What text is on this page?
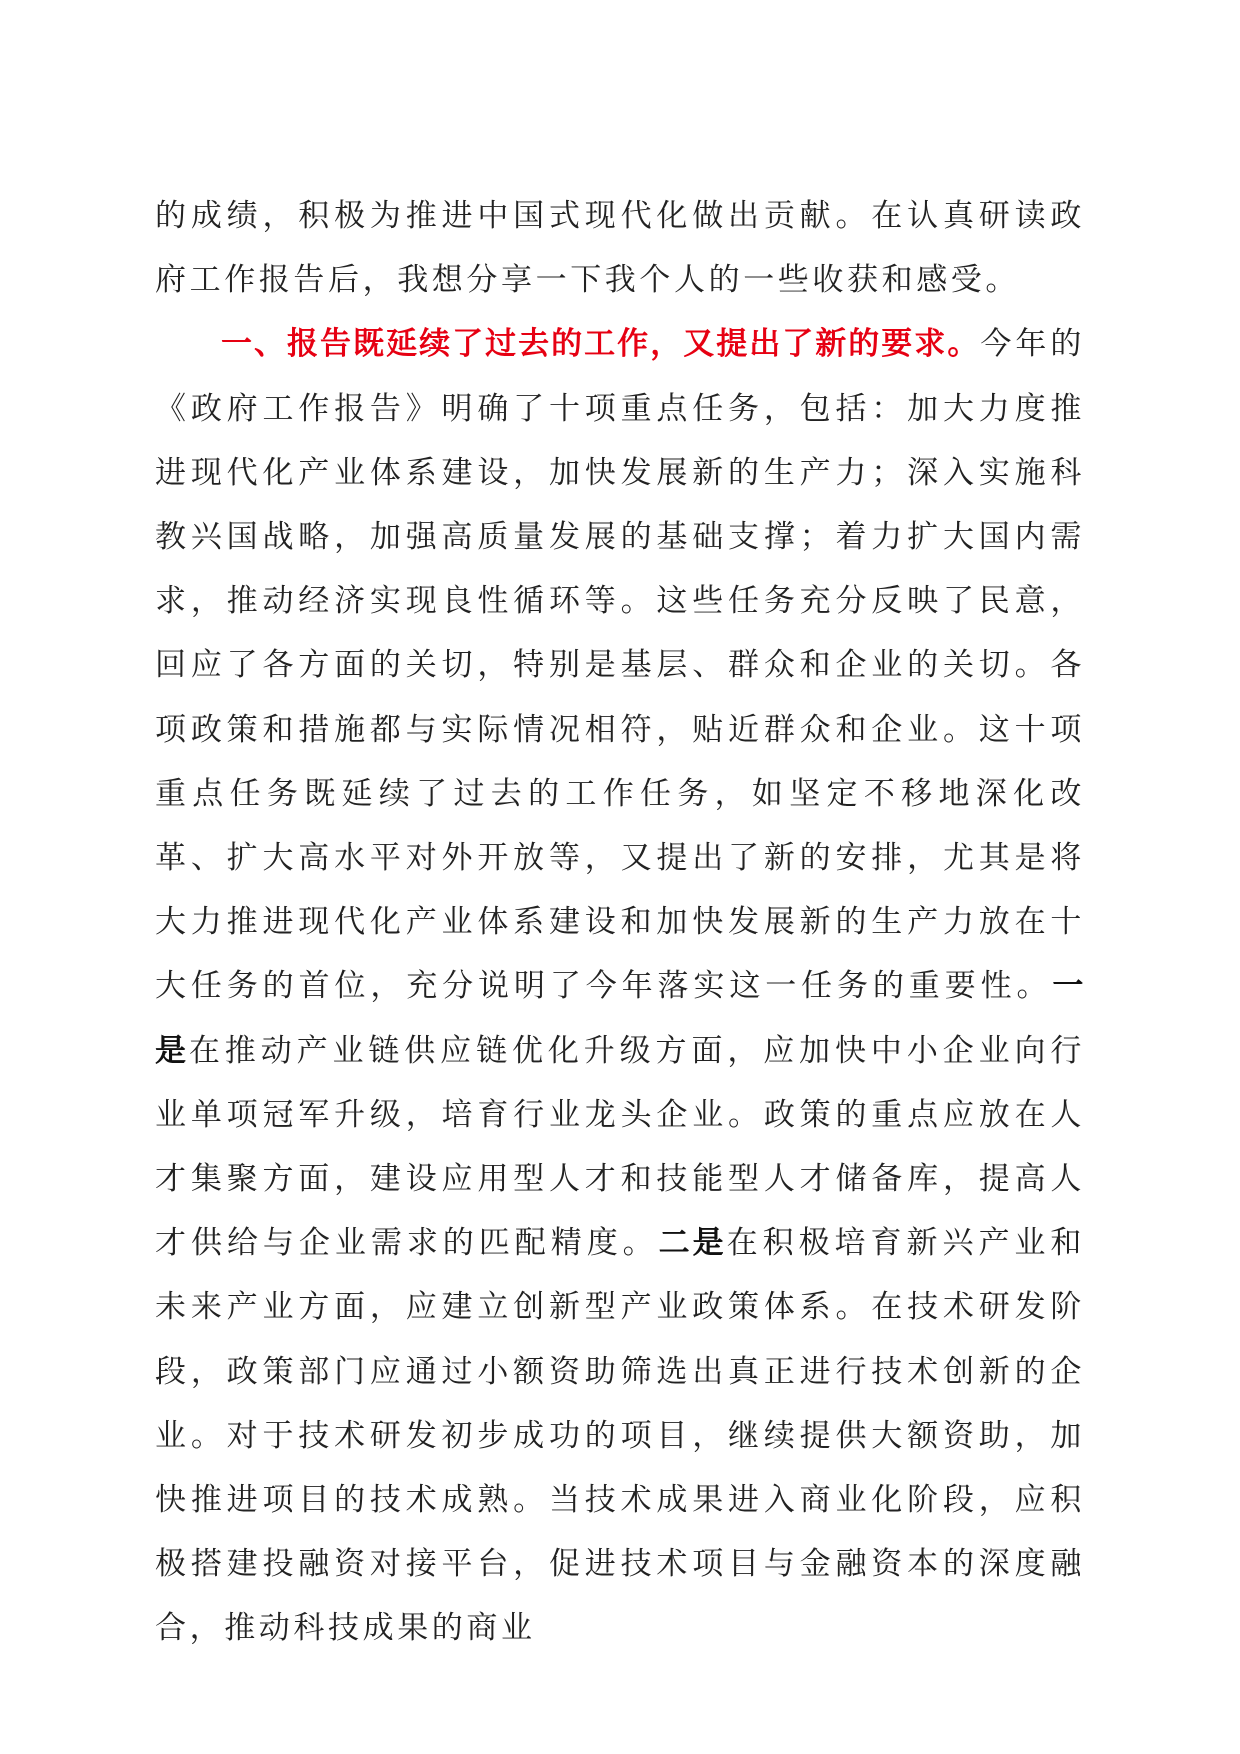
的成绩，积极为推进中国式现代化做出贡献。在认真研读政府工作报告后，我想分享一下我个人的一些收获和感受。

一、报告既延续了过去的工作，又提出了新的要求。今年的《政府工作报告》明确了十项重点任务，包括：加大力度推进现代化产业体系建设，加快发展新的生产力；深入实施科教兴国战略，加强高质量发展的基础支撑；着力扩大国内需求，推动经济实现良性循环等。这些任务充分反映了民意，回应了各方面的关切，特别是基层、群众和企业的关切。各项政策和措施都与实际情况相符，贴近群众和企业。这十项重点任务既延续了过去的工作任务，如坚定不移地深化改革、扩大高水平对外开放等，又提出了新的安排，尤其是将大力推进现代化产业体系建设和加快发展新的生产力放在十大任务的首位，充分说明了今年落实这一任务的重要性。一是在推动产业链供应链优化升级方面，应加快中小企业向行业单项冠军升级，培育行业龙头企业。政策的重点应放在人才集聚方面，建设应用型人才和技能型人才储备库，提高人才供给与企业需求的匹配精度。二是在积极培育新兴产业和未来产业方面，应建立创新型产业政策体系。在技术研发阶段，政策部门应通过小额资助筛选出真正进行技术创新的企业。对于技术研发初步成功的项目，继续提供大额资助，加快推进项目的技术成熟。当技术成果进入商业化阶段，应积极搭建投融资对接平台，促进技术项目与金融资本的深度融合，推动科技成果的商业
